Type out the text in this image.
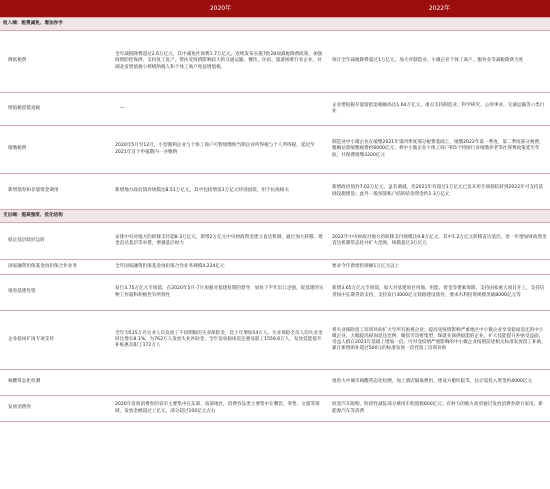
	2020年	2022年
收入端：税费减免、增加赤字		
降低税费	全年减税降费超过2.6万亿元，其中减免社保费1.7万亿元。连续发布实施7批28项减税降费政策，加强疫情防控保供、支持复工复产，帮扶受疫情影响较大的交通运输、餐饮、住宿、旅游困难行业企业，对湖北省增值税小规模纳税人和个体工商户免征增值税。	预计全年减税降费超过1万亿元，加大对制造业、小微企业个体工商户、服务业等减税降费力度
增值税留抵退税	—	企业增值税存量留抵退税额高达1.64万亿元，重点支持制造业、科学研究、公用事业、交通运输等六类行业
缓缴税费	2020年5月至12月，小型微利企业与个体工商户可暂缓缴纳当期企业所得税与个人所得税，延迟至2021年首个申报期内一并缴纳	制造业中小微企业在缓缴2021年第四季度部分税费基础上，缓缴2022年第一季度、第二季度部分税费，粗略估算缓缴税费约6000亿元；将中小微企业个体工商户和5个特困行业缓缴养老等社保费政策延至年底，社保费缓缴3200亿元
新增债券和存量资金调用	新增地方政府债券规模达8.51万亿元，其中包括增发1万亿元特别国债，用于抗疫相关	新增政府债券7.02万亿元，虽有调减，但2021年有超过1万亿元已发未用专项债结转到2022年可支持基础设施建设；此外一般预算账户结转结余资金约1.3万亿元
支出端：提高强度、优化结构		
稳定基层政府运转	安排中央对地方的转移支付超8.3万亿元，新增2万亿元中央财政资金建立直达机制，通过加大转移、资金直达基层等举措，增强基层财力	2022年中央财政对地方的转移支付规模达9.8万亿元，其中1.2万亿元转移直达基层，进一步增加财政资金直达机制常态化并扩大范围，规模超过3万亿元
国家融资担保基金再担保合作业务	全年国家融资担保基金再担保合作业务规模4.224亿元	要求今年新增担保额1万亿元以上
推进基建投资	发行3.75万亿元专项债，在2020年5月-7月加强对基建投资的督导，加快下半年出口走强，促基建的实物工作量和积极性有所拆性	新增3.65万亿元专项债，加大对基建项目用地、用能、资金等要素保障，支持国家重大项目开工，支持信贷按中长期贷款支持，支持发行3000亿元铁路建设债券，要求水利投资规模突破8000亿元等
企业稳岗扩岗专项支持	全年为515万名失业人员发放了不同期限的失业保险金，比上年增加54万人。失业保险全员人均失业金同比增长8.1%，为762万人发放失业补助金，全年发放稳岗返还惠及职工1559.6万人，发放技能提升补贴惠及职工172万人	将失业保险留工培训补助扩大至所有困难企业；提高受疫情影响严重地区中小微企业享受稳岗返还的中小微企业，大幅提高稳岗返还比例，聚焦劳动密集型、保就业保供稳能的企业，扩大技能提升补贴受益面，受益人群在2021年基础上增加一倍。可对受疫情严重影响的中小微企业按照前述相关标准发放留工补助，累计新增助补超过500元的标准发放一次性留工培训补助
核酸常态化检测		推进大中城市核酸常态化检测，加上酒店隔离费用、建设方舱医院等，估计需投入资金约4000亿元
发放消费券	2020年发放消费券的省市主要集中在东部、南部地区，消费券品类主要集中在餐饮、零售、文旅等领域，发放金额超过上亿元，部分超过100亿元左右	放宽汽车限购，阶段性减征部分乘用车购置税600亿元；有财力的地方政府通过发放消费券助力家电、新能源汽车等消费
